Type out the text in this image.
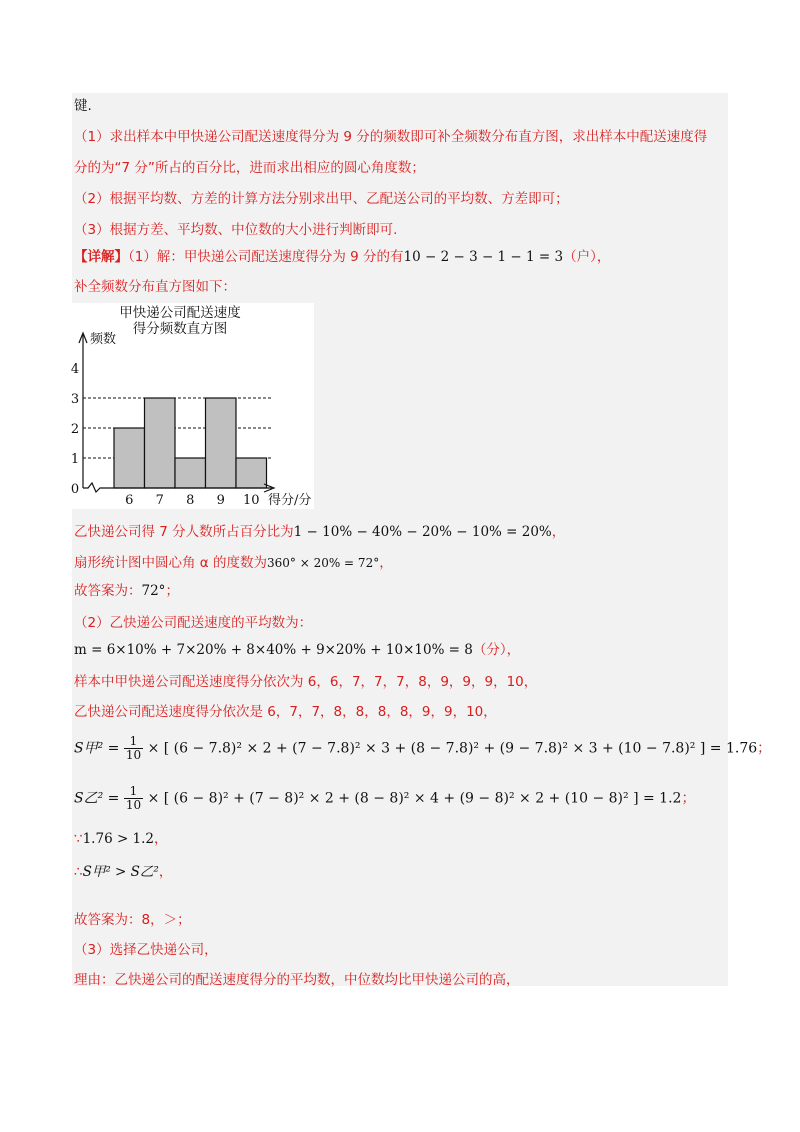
键.
（1）求出样本中甲快递公司配送速度得分为 9 分的频数即可补全频数分布直方图，求出样本中配送速度得
分的为“7 分”所占的百分比，进而求出相应的圆心角度数；
（2）根据平均数、方差的计算方法分别求出甲、乙配送公司的平均数、方差即可；
（3）根据方差、平均数、中位数的大小进行判断即可.
【详解】（1）解：甲快递公司配送速度得分为 9 分的有10 − 2 − 3 − 1 − 1 = 3（户），
补全频数分布直方图如下：
甲快递公司配送速度
得分频数直方图
0
1
2
3
4
6 7 8 9 10
频数
得分/分
乙快递公司得 7 分人数所占百分比为1 − 10% − 40% − 20% − 10% = 20%，
扇形统计图中圆心角 α 的度数为360° × 20% = 72°，
故答案为：72°；
（2）乙快递公司配送速度的平均数为：
m = 6×10% + 7×20% + 8×40% + 9×20% + 10×10% = 8（分），
样本中甲快递公司配送速度得分依次为 6，6，7，7，7，8，9，9，9，10，
乙快递公司配送速度得分依次是 6，7，7，8，8，8，8，9，9，10，
S甲$^2 = \frac{1}{10}$ × [ (6 − 7.8)² × 2 + (7 − 7.8)² × 3 + (8 − 7.8)² + (9 − 7.8)² × 3 + (10 − 7.8)² ] = 1.76；
S乙$^2 = \frac{1}{10}$ × [ (6 − 8)² + (7 − 8)² × 2 + (8 − 8)² × 4 + (9 − 8)² × 2 + (10 − 8)² ] = 1.2；
∵1.76 > 1.2，
∴S甲² > S乙²，
故答案为：8，＞；
（3）选择乙快递公司，
理由：乙快递公司的配送速度得分的平均数，中位数均比甲快递公司的高，
